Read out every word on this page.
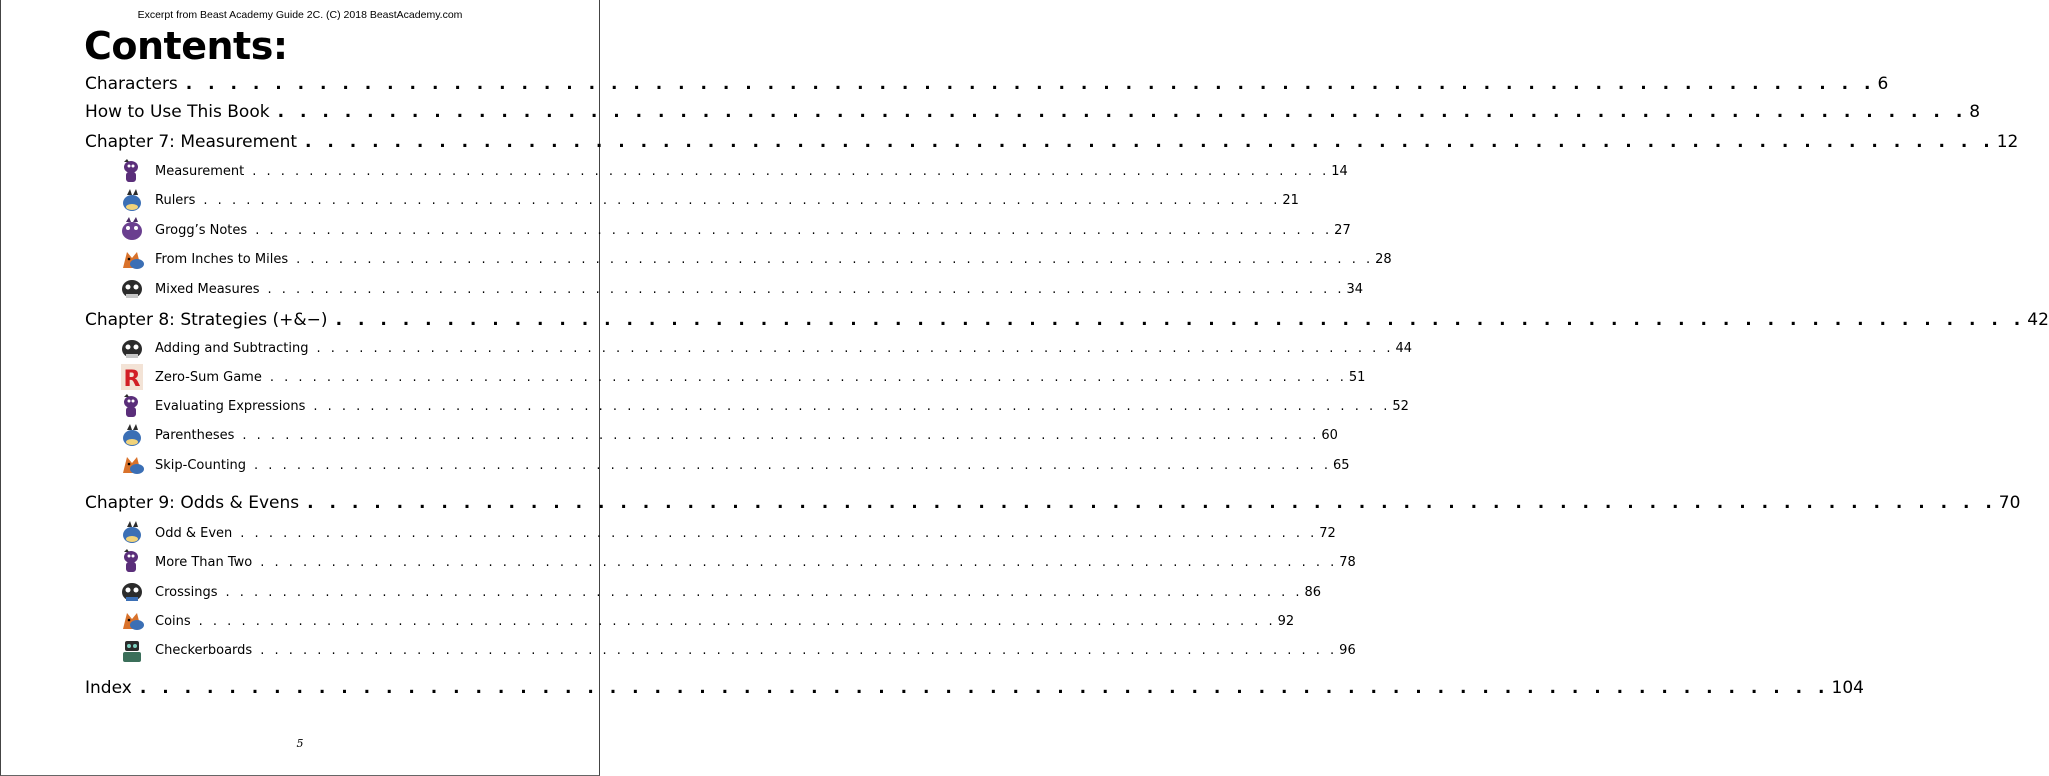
Excerpt from Beast Academy Guide 2C. (C) 2018 BeastAcademy.com
Contents:
Characters . . . . . . . . . . . . . . . . . . . . . . . . . . . . . . . . . . . . . . . . . . . . . . . . . . . . . . . . . . . . . . . . . . . . . . . . . . . . 6
How to Use This Book . . . . . . . . . . . . . . . . . . . . . . . . . . . . . . . . . . . . . . . . . . . . . . . . . . . . . . . . . . . . . . . . . . . . . . . . . . . . 8
Chapter 7: Measurement . . . . . . . . . . . . . . . . . . . . . . . . . . . . . . . . . . . . . . . . . . . . . . . . . . . . . . . . . . . . . . . . . . . . . . . . . . . . 12
Measurement . . . . . . . . . . . . . . . . . . . . . . . . . . . . . . . . . . . . . . . . . . . . . . . . . . . . . . . . . . . . . . . . . . . . . . . . . . . . 14
Rulers . . . . . . . . . . . . . . . . . . . . . . . . . . . . . . . . . . . . . . . . . . . . . . . . . . . . . . . . . . . . . . . . . . . . . . . . . . . . 21
Grogg’s Notes . . . . . . . . . . . . . . . . . . . . . . . . . . . . . . . . . . . . . . . . . . . . . . . . . . . . . . . . . . . . . . . . . . . . . . . . . . . . 27
From Inches to Miles . . . . . . . . . . . . . . . . . . . . . . . . . . . . . . . . . . . . . . . . . . . . . . . . . . . . . . . . . . . . . . . . . . . . . . . . . . . . 28
Mixed Measures . . . . . . . . . . . . . . . . . . . . . . . . . . . . . . . . . . . . . . . . . . . . . . . . . . . . . . . . . . . . . . . . . . . . . . . . . . . . 34
Chapter 8: Strategies (+&−) . . . . . . . . . . . . . . . . . . . . . . . . . . . . . . . . . . . . . . . . . . . . . . . . . . . . . . . . . . . . . . . . . . . . . . . . . . . . 42
Adding and Subtracting . . . . . . . . . . . . . . . . . . . . . . . . . . . . . . . . . . . . . . . . . . . . . . . . . . . . . . . . . . . . . . . . . . . . . . . . . . . . 44
R Zero-Sum Game . . . . . . . . . . . . . . . . . . . . . . . . . . . . . . . . . . . . . . . . . . . . . . . . . . . . . . . . . . . . . . . . . . . . . . . . . . . . 51
Evaluating Expressions . . . . . . . . . . . . . . . . . . . . . . . . . . . . . . . . . . . . . . . . . . . . . . . . . . . . . . . . . . . . . . . . . . . . . . . . . . . . 52
Parentheses . . . . . . . . . . . . . . . . . . . . . . . . . . . . . . . . . . . . . . . . . . . . . . . . . . . . . . . . . . . . . . . . . . . . . . . . . . . . 60
Skip-Counting . . . . . . . . . . . . . . . . . . . . . . . . . . . . . . . . . . . . . . . . . . . . . . . . . . . . . . . . . . . . . . . . . . . . . . . . . . . . 65
Chapter 9: Odds & Evens . . . . . . . . . . . . . . . . . . . . . . . . . . . . . . . . . . . . . . . . . . . . . . . . . . . . . . . . . . . . . . . . . . . . . . . . . . . . 70
Odd & Even . . . . . . . . . . . . . . . . . . . . . . . . . . . . . . . . . . . . . . . . . . . . . . . . . . . . . . . . . . . . . . . . . . . . . . . . . . . . 72
More Than Two . . . . . . . . . . . . . . . . . . . . . . . . . . . . . . . . . . . . . . . . . . . . . . . . . . . . . . . . . . . . . . . . . . . . . . . . . . . . 78
Crossings . . . . . . . . . . . . . . . . . . . . . . . . . . . . . . . . . . . . . . . . . . . . . . . . . . . . . . . . . . . . . . . . . . . . . . . . . . . . 86
Coins . . . . . . . . . . . . . . . . . . . . . . . . . . . . . . . . . . . . . . . . . . . . . . . . . . . . . . . . . . . . . . . . . . . . . . . . . . . . 92
Checkerboards . . . . . . . . . . . . . . . . . . . . . . . . . . . . . . . . . . . . . . . . . . . . . . . . . . . . . . . . . . . . . . . . . . . . . . . . . . . . 96
Index . . . . . . . . . . . . . . . . . . . . . . . . . . . . . . . . . . . . . . . . . . . . . . . . . . . . . . . . . . . . . . . . . . . . . . . . . . . . 104
5
